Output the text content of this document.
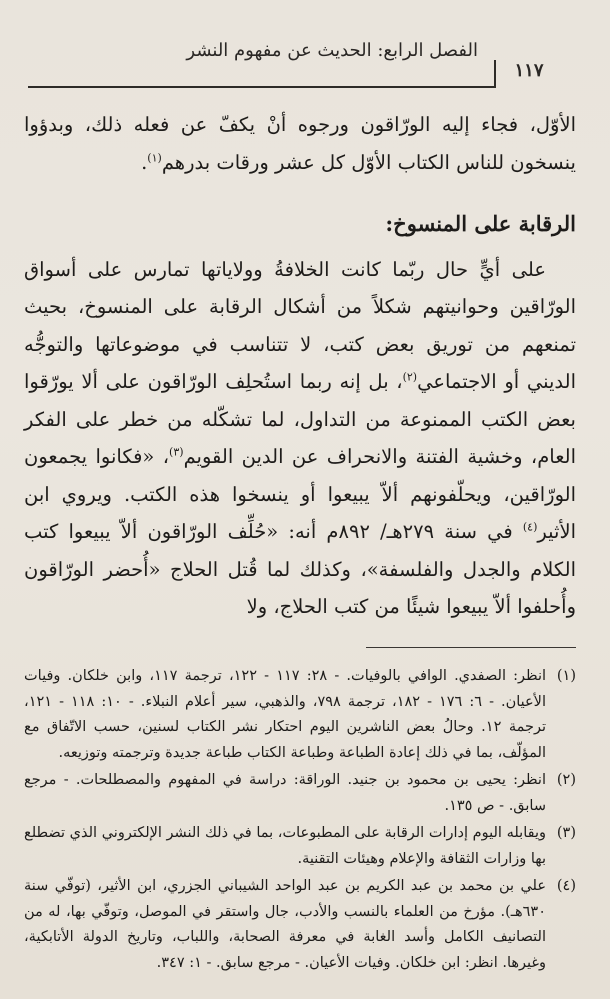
الفصل الرابع: الحديث عن مفهوم النشر
١١٧

الأوّل، فجاء إليه الورّاقون ورجوه أنْ يكفّ عن فعله ذلك، وبدؤوا ينسخون للناس الكتاب الأوّل كل عشر ورقات بدرهم$^{(١)}$.

الرقابة على المنسوخ:

على أيٍّ حال ربّما كانت الخلافةُ وولاياتها تمارس على أسواق الورّاقين وحوانيتهم شكلاً من أشكال الرقابة على المنسوخ، بحيث تمنعهم من توريق بعض كتب، لا تتناسب في موضوعاتها والتوجُّه الديني أو الاجتماعي$^{(٢)}$، بل إنه ربما استُحلِف الورّاقون على ألا يورّقوا بعض الكتب الممنوعة من التداول، لما تشكّله من خطر على الفكر العام، وخشية الفتنة والانحراف عن الدين القويم$^{(٣)}$، «فكانوا يجمعون الورّاقين، ويحلّفونهم ألاّ يبيعوا أو ينسخوا هذه الكتب. ويروي ابن الأثير$^{(٤)}$ في سنة ٢٧٩هـ/ ٨٩٢م أنه: «حُلِّف الورّاقون ألاّ يبيعوا كتب الكلام والجدل والفلسفة»، وكذلك لما قُتل الحلاج «أُحضر الورّاقون وأُحلفوا ألاّ يبيعوا شيئًا من كتب الحلاج، ولا

(١)
انظر: الصفدي. الوافي بالوفيات. - ٢٨: ١١٧ - ١٢٢، ترجمة ١١٧، وابن خلكان. وفيات الأعيان. - ٦: ١٧٦ - ١٨٢، ترجمة ٧٩٨، والذهبي، سير أعلام النبلاء. - ١٠: ١١٨ - ١٢١، ترجمة ١٢. وحالُ بعض الناشرين اليوم احتكار نشر الكتاب لسنين، حسب الاتّفاق مع المؤلّف، بما في ذلك إعادة الطباعة وطباعة الكتاب طباعة جديدة وترجمته وتوزيعه.
(٢)
انظر: يحيى بن محمود بن جنيد. الوراقة: دراسة في المفهوم والمصطلحات. - مرجع سابق. - ص ١٣٥.
(٣)
ويقابله اليوم إدارات الرقابة على المطبوعات، بما في ذلك النشر الإلكتروني الذي تضطلع بها وزارات الثقافة والإعلام وهيئات التقنية.
(٤)
علي بن محمد بن عبد الكريم بن عبد الواحد الشيباني الجزري، ابن الأثير، (توفّي سنة ٦٣٠هـ). مؤرخ من العلماء بالنسب والأدب، جال واستقر في الموصل، وتوفّي بها، له من التصانيف الكامل وأسد الغابة في معرفة الصحابة، واللباب، وتاريخ الدولة الأتابكية، وغيرها. انظر: ابن خلكان. وفيات الأعيان. - مرجع سابق. - ١: ٣٤٧.
